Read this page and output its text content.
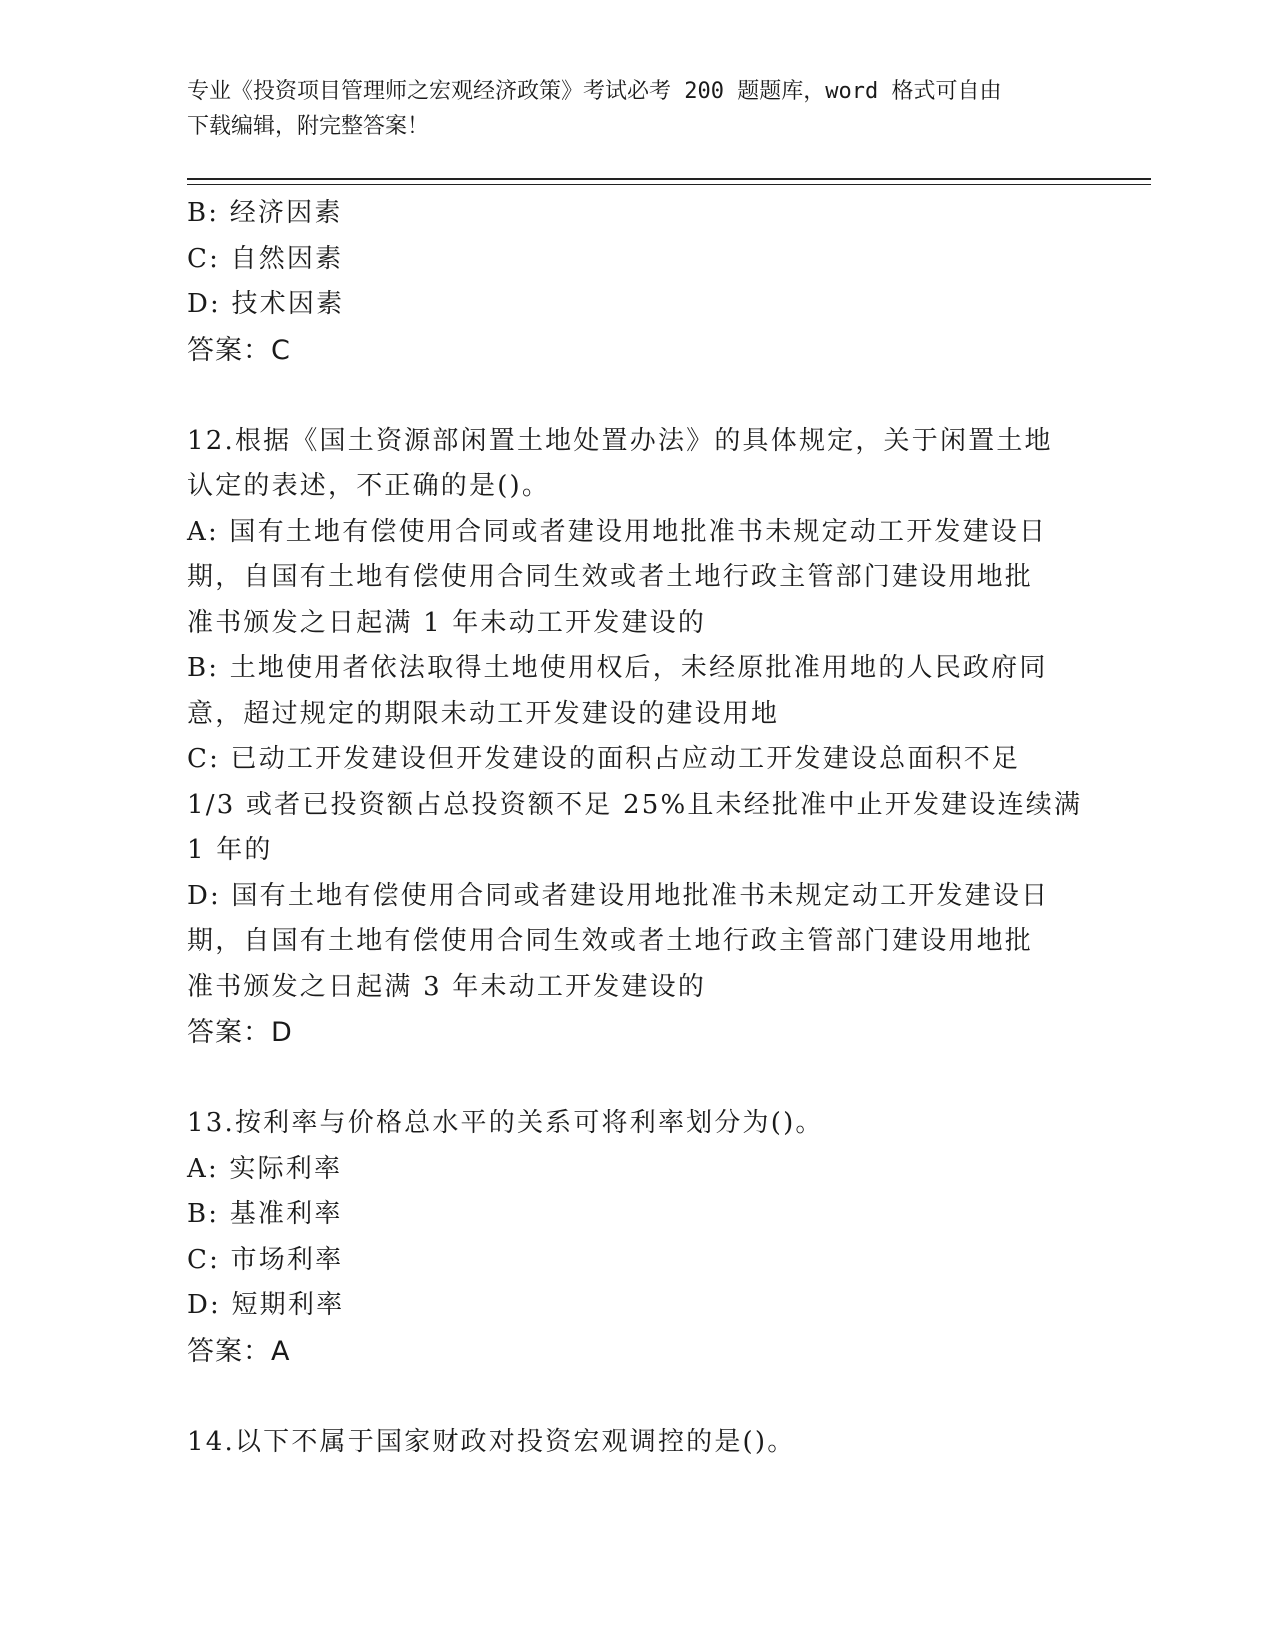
专业《投资项目管理师之宏观经济政策》考试必考 200 题题库，word 格式可自由
下载编辑，附完整答案！
B: 经济因素
C: 自然因素
D: 技术因素
答案：C
12.根据《国土资源部闲置土地处置办法》的具体规定，关于闲置土地
认定的表述，不正确的是()。
A: 国有土地有偿使用合同或者建设用地批准书未规定动工开发建设日
期，自国有土地有偿使用合同生效或者土地行政主管部门建设用地批
准书颁发之日起满 1 年未动工开发建设的
B: 土地使用者依法取得土地使用权后，未经原批准用地的人民政府同
意，超过规定的期限未动工开发建设的建设用地
C: 已动工开发建设但开发建设的面积占应动工开发建设总面积不足
1/3 或者已投资额占总投资额不足 25%且未经批准中止开发建设连续满
1 年的
D: 国有土地有偿使用合同或者建设用地批准书未规定动工开发建设日
期，自国有土地有偿使用合同生效或者土地行政主管部门建设用地批
准书颁发之日起满 3 年未动工开发建设的
答案：D
13.按利率与价格总水平的关系可将利率划分为()。
A: 实际利率
B: 基准利率
C: 市场利率
D: 短期利率
答案：A
14.以下不属于国家财政对投资宏观调控的是()。
